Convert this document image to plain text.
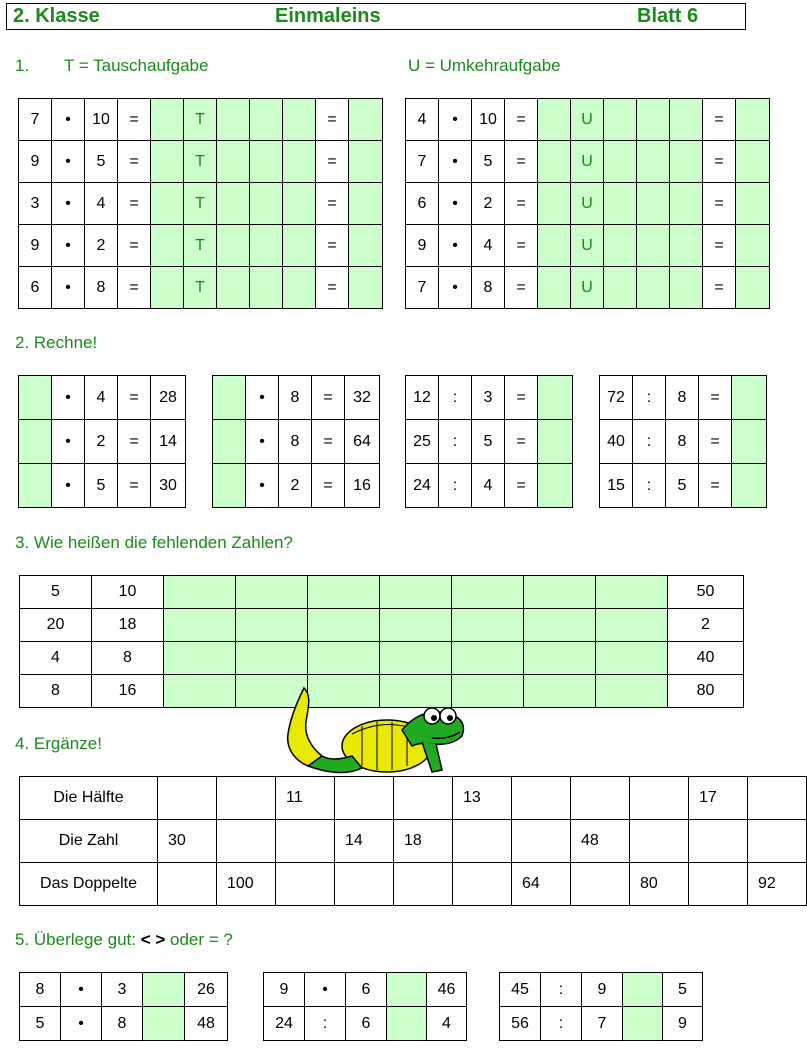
2. Klasse	Einmaleins	Blatt 6
1. T = Tauschaufgabe	U = Umkehraufgabe
7	•	10	=		T				=	
9	•	5	=		T				=	
3	•	4	=		T				=	
9	•	2	=		T				=	
6	•	8	=		T				=	
4	•	10	=		U				=	
7	•	5	=		U				=	
6	•	2	=		U				=	
9	•	4	=		U				=	
7	•	8	=		U				=	
2. Rechne!
	•	4	=	28
	•	2	=	14
	•	5	=	30
	•	8	=	32
	•	8	=	64
	•	2	=	16
12	:	3	=	
25	:	5	=	
24	:	4	=	
72	:	8	=	
40	:	8	=	
15	:	5	=	
3. Wie heißen die fehlenden Zahlen?
5	10								50
20	18								2
4	8								40
8	16								80
4. Ergänze!
Die Hälfte			11			13				17	
Die Zahl	30			14	18			48			
Das Doppelte		100					64		80		92
5. Überlege gut: < > oder = ?
8	•	3		26
5	•	8		48
9	•	6		46
24	:	6		4
45	:	9		5
56	:	7		9
